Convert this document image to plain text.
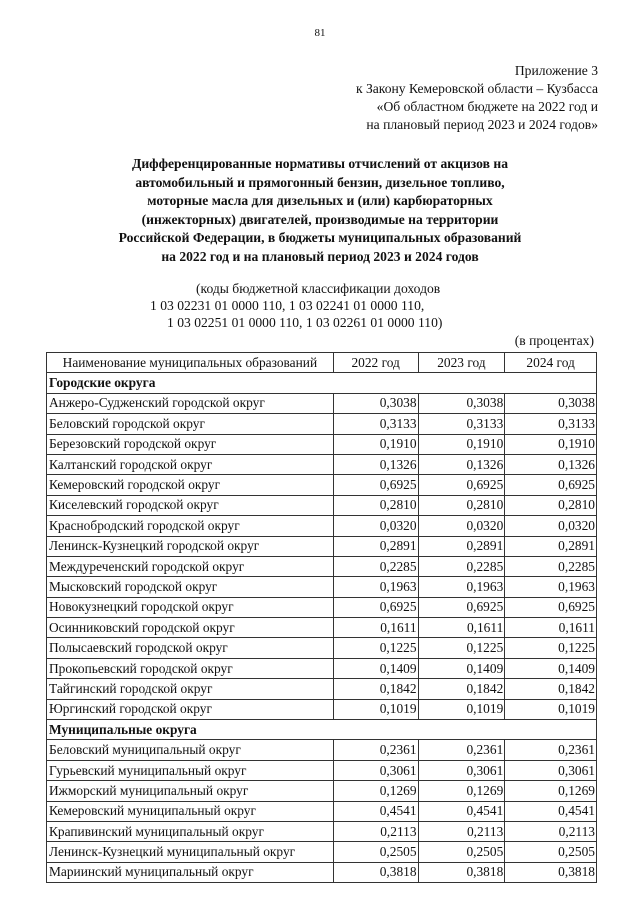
81
Приложение 3
к Закону Кемеровской области – Кузбасса
«Об областном бюджете на 2022 год и
на плановый период 2023 и 2024 годов»
Дифференцированные нормативы отчислений от акцизов на
автомобильный и прямогонный бензин, дизельное топливо,
моторные масла для дизельных и (или) карбюраторных
(инжекторных) двигателей, производимые на территории
Российской Федерации, в бюджеты муниципальных образований
на 2022 год и на плановый период 2023 и 2024 годов
(коды бюджетной классификации доходов
1 03 02231 01 0000 110, 1 03 02241 01 0000 110,
1 03 02251 01 0000 110, 1 03 02261 01 0000 110)
(в процентах)
Наименование муниципальных образований	2022 год	2023 год	2024 год
Городские округа			
Анжеро-Судженский городской округ	0,3038	0,3038	0,3038
Беловский городской округ	0,3133	0,3133	0,3133
Березовский городской округ	0,1910	0,1910	0,1910
Калтанский городской округ	0,1326	0,1326	0,1326
Кемеровский городской округ	0,6925	0,6925	0,6925
Киселевский городской округ	0,2810	0,2810	0,2810
Краснобродский городской округ	0,0320	0,0320	0,0320
Ленинск-Кузнецкий городской округ	0,2891	0,2891	0,2891
Междуреченский городской округ	0,2285	0,2285	0,2285
Мысковский городской округ	0,1963	0,1963	0,1963
Новокузнецкий городской округ	0,6925	0,6925	0,6925
Осинниковский городской округ	0,1611	0,1611	0,1611
Полысаевский городской округ	0,1225	0,1225	0,1225
Прокопьевский городской округ	0,1409	0,1409	0,1409
Тайгинский городской округ	0,1842	0,1842	0,1842
Юргинский городской округ	0,1019	0,1019	0,1019
Муниципальные округа			
Беловский муниципальный округ	0,2361	0,2361	0,2361
Гурьевский муниципальный округ	0,3061	0,3061	0,3061
Ижморский муниципальный округ	0,1269	0,1269	0,1269
Кемеровский муниципальный округ	0,4541	0,4541	0,4541
Крапивинский муниципальный округ	0,2113	0,2113	0,2113
Ленинск-Кузнецкий муниципальный округ	0,2505	0,2505	0,2505
Мариинский муниципальный округ	0,3818	0,3818	0,3818
